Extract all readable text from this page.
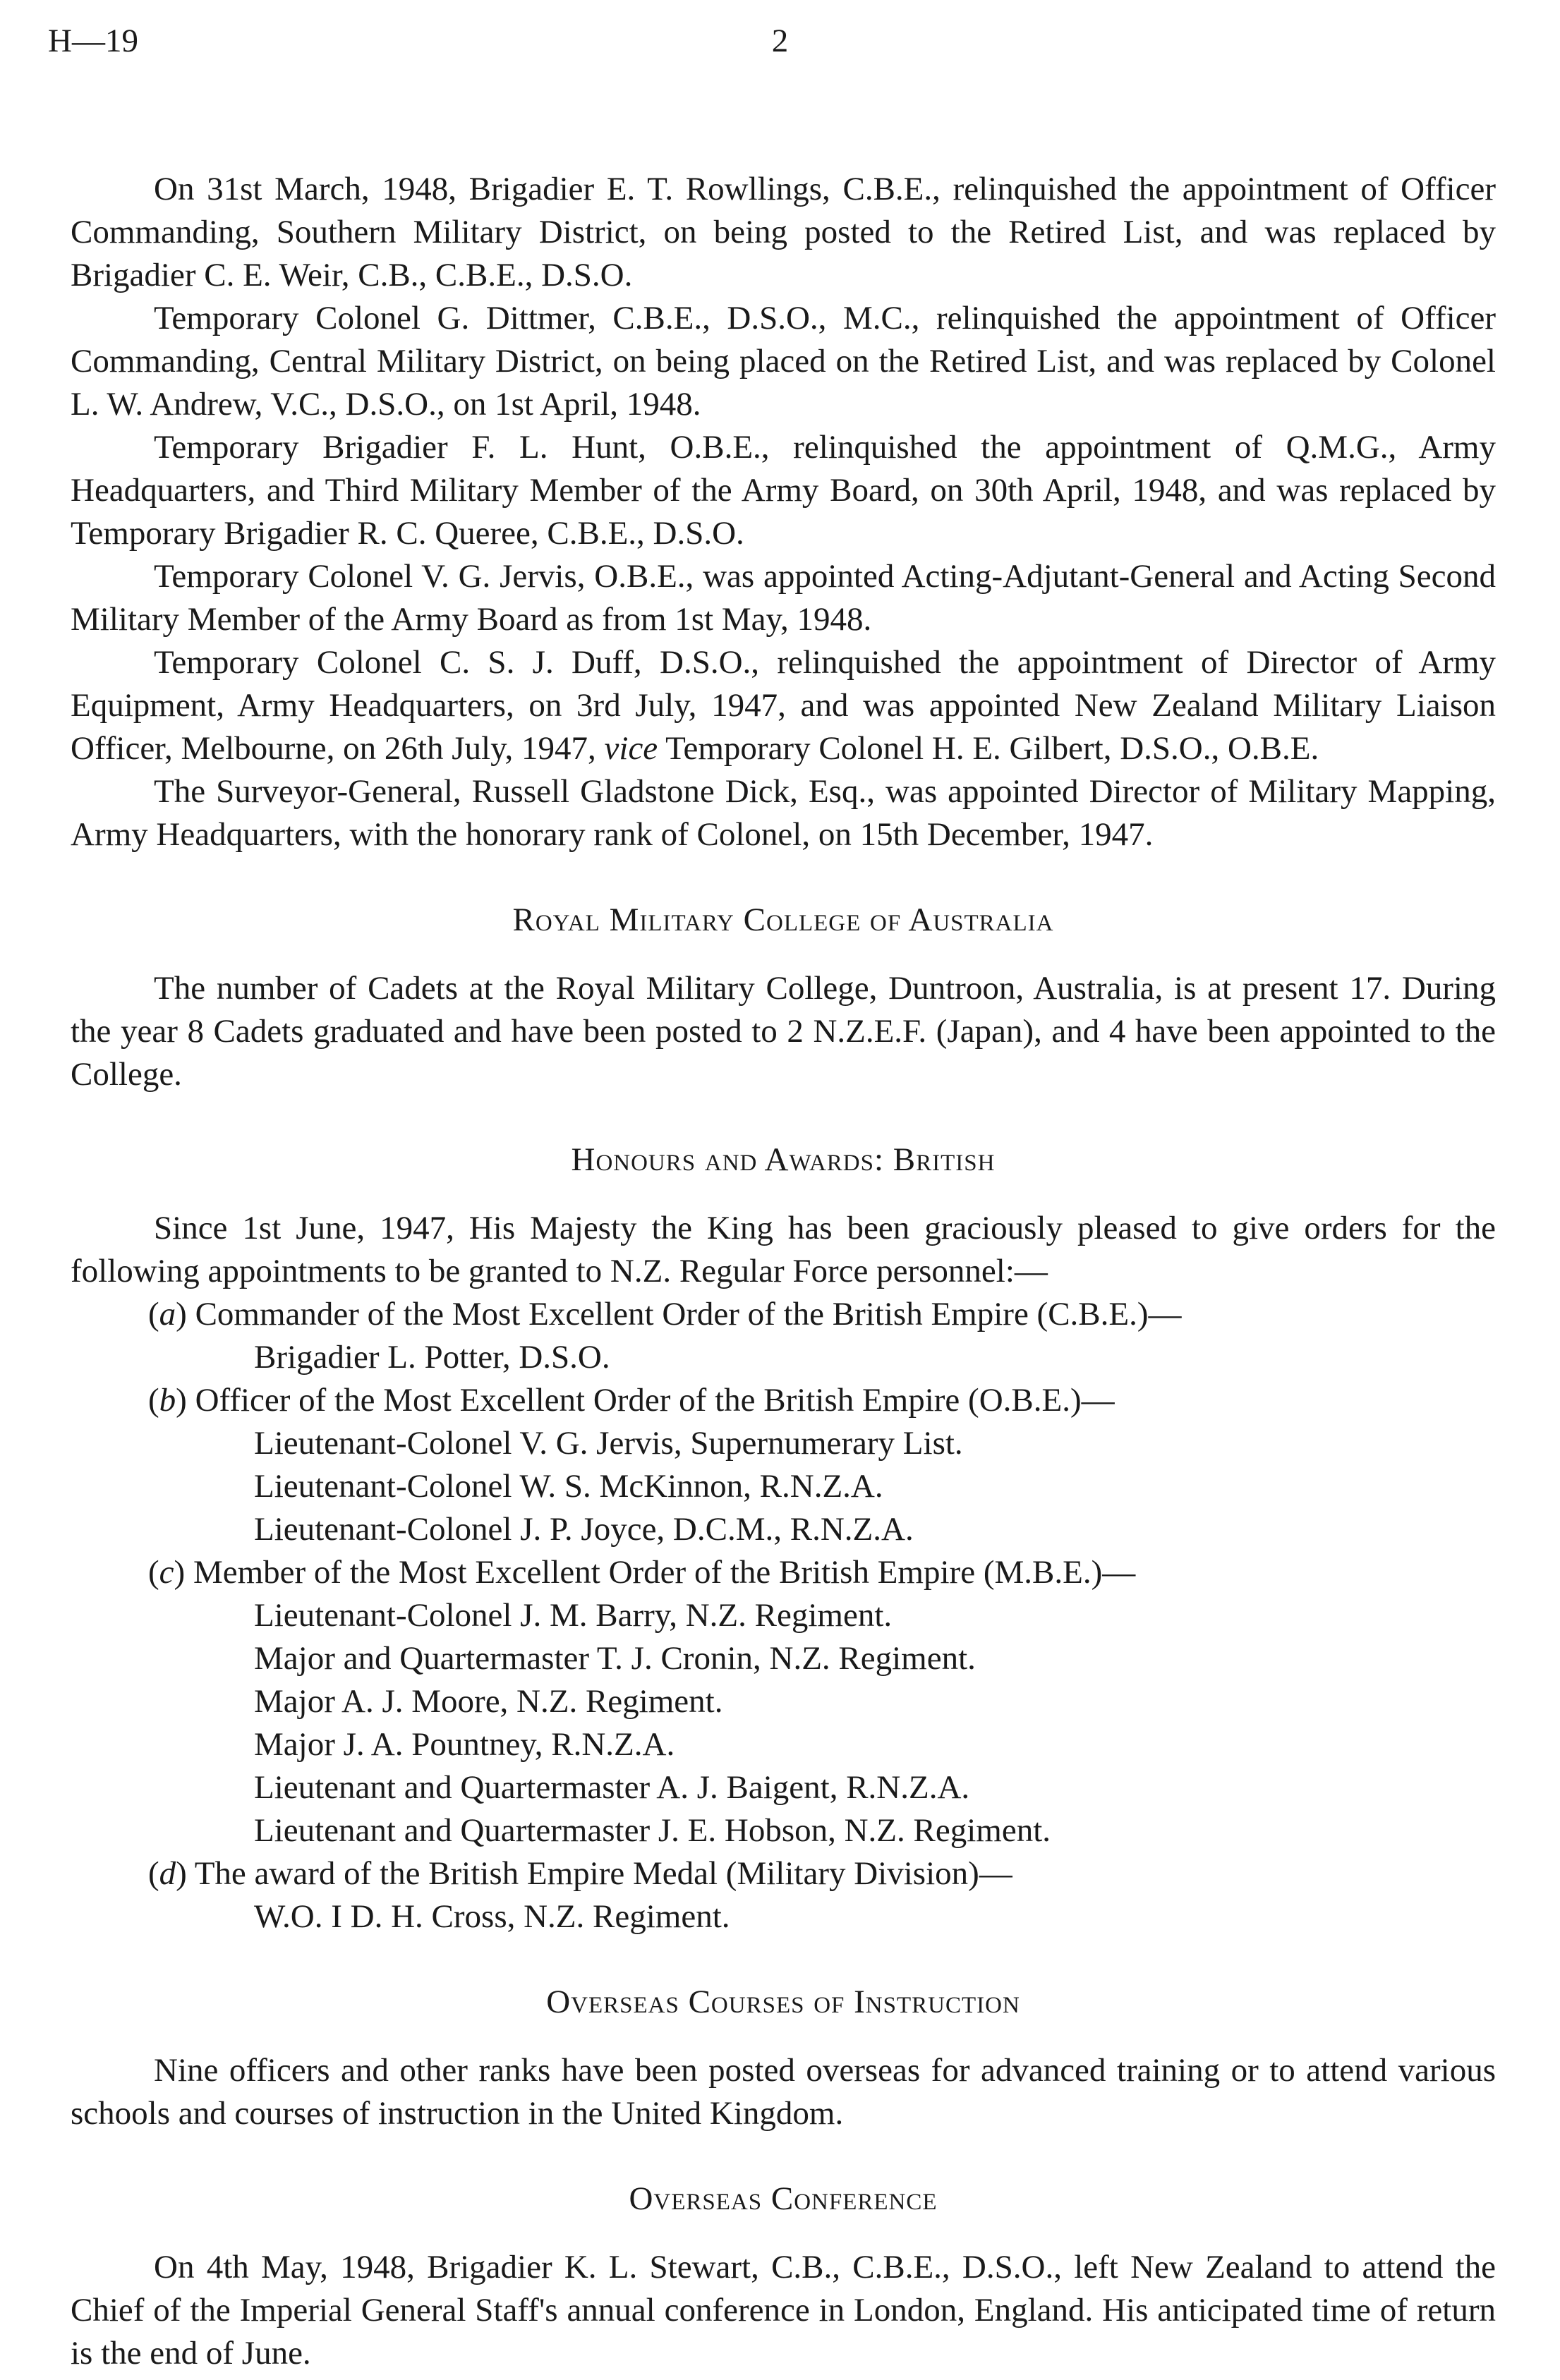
H—19	2

On 31st March, 1948, Brigadier E. T. Rowllings, C.B.E., relinquished the appointment of Officer Commanding, Southern Military District, on being posted to the Retired List, and was replaced by Brigadier C. E. Weir, C.B., C.B.E., D.S.O.

Temporary Colonel G. Dittmer, C.B.E., D.S.O., M.C., relinquished the appointment of Officer Commanding, Central Military District, on being placed on the Retired List, and was replaced by Colonel L. W. Andrew, V.C., D.S.O., on 1st April, 1948.

Temporary Brigadier F. L. Hunt, O.B.E., relinquished the appointment of Q.M.G., Army Headquarters, and Third Military Member of the Army Board, on 30th April, 1948, and was replaced by Temporary Brigadier R. C. Queree, C.B.E., D.S.O.

Temporary Colonel V. G. Jervis, O.B.E., was appointed Acting-Adjutant-General and Acting Second Military Member of the Army Board as from 1st May, 1948.

Temporary Colonel C. S. J. Duff, D.S.O., relinquished the appointment of Director of Army Equipment, Army Headquarters, on 3rd July, 1947, and was appointed New Zealand Military Liaison Officer, Melbourne, on 26th July, 1947, vice Temporary Colonel H. E. Gilbert, D.S.O., O.B.E.

The Surveyor-General, Russell Gladstone Dick, Esq., was appointed Director of Military Mapping, Army Headquarters, with the honorary rank of Colonel, on 15th December, 1947.

Royal Military College of Australia

The number of Cadets at the Royal Military College, Duntroon, Australia, is at present 17. During the year 8 Cadets graduated and have been posted to 2 N.Z.E.F. (Japan), and 4 have been appointed to the College.

Honours and Awards: British

Since 1st June, 1947, His Majesty the King has been graciously pleased to give orders for the following appointments to be granted to N.Z. Regular Force personnel:—

(a) Commander of the Most Excellent Order of the British Empire (C.B.E.)—
Brigadier L. Potter, D.S.O.
(b) Officer of the Most Excellent Order of the British Empire (O.B.E.)—
Lieutenant-Colonel V. G. Jervis, Supernumerary List.
Lieutenant-Colonel W. S. McKinnon, R.N.Z.A.
Lieutenant-Colonel J. P. Joyce, D.C.M., R.N.Z.A.
(c) Member of the Most Excellent Order of the British Empire (M.B.E.)—
Lieutenant-Colonel J. M. Barry, N.Z. Regiment.
Major and Quartermaster T. J. Cronin, N.Z. Regiment.
Major A. J. Moore, N.Z. Regiment.
Major J. A. Pountney, R.N.Z.A.
Lieutenant and Quartermaster A. J. Baigent, R.N.Z.A.
Lieutenant and Quartermaster J. E. Hobson, N.Z. Regiment.
(d) The award of the British Empire Medal (Military Division)—
W.O. I D. H. Cross, N.Z. Regiment.
Overseas Courses of Instruction

Nine officers and other ranks have been posted overseas for advanced training or to attend various schools and courses of instruction in the United Kingdom.

Overseas Conference

On 4th May, 1948, Brigadier K. L. Stewart, C.B., C.B.E., D.S.O., left New Zealand to attend the Chief of the Imperial General Staff's annual conference in London, England. His anticipated time of return is the end of June.
